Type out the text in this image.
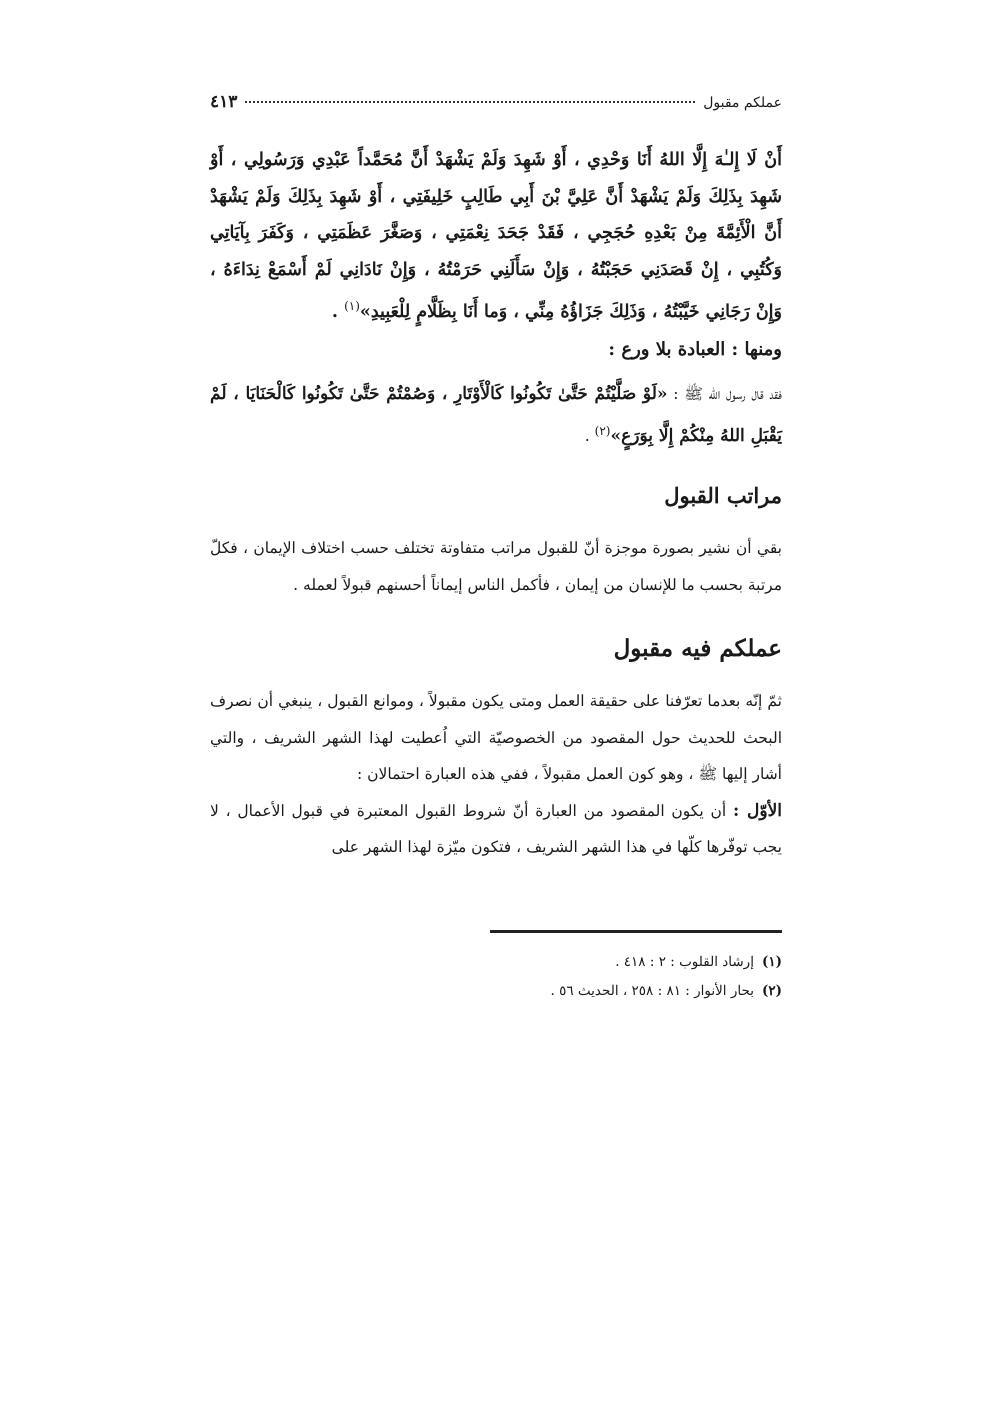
عملكم مقبول
٤١٣

أَنْ لَا إِلـٰهَ إِلَّا اللهُ أَنَا وَحْدِي ، أَوْ شَهِدَ وَلَمْ يَشْهَدْ أَنَّ مُحَمَّداً عَبْدِي وَرَسُولِي ، أَوْ شَهِدَ بِذَلِكَ وَلَمْ يَشْهَدْ أَنَّ عَلِيَّ بْنَ أَبِي طَالِبٍ خَلِيفَتِي ، أَوْ شَهِدَ بِذَلِكَ وَلَمْ يَشْهَدْ أَنَّ الْأَئِمَّةَ مِنْ بَعْدِهِ حُجَجِي ، فَقَدْ جَحَدَ نِعْمَتِي ، وَصَغَّرَ عَظَمَتِي ، وَكَفَرَ بِآيَاتِي وَكُتُبِي ، إِنْ قَصَدَنِي حَجَبْتُهُ ، وَإِنْ سَأَلَنِي حَرَمْتُهُ ، وَإِنْ نَادَانِي لَمْ أَسْمَعْ نِدَاءَهُ ، وَإِنْ رَجَانِي خَيَّبْتُهُ ، وَذَلِكَ جَزَاؤُهُ مِنِّي ، وَما أَنَا بِظَلَّامٍ لِلْعَبِيدِ»$^{(١)}$ .

ومنها : العبادة بلا ورع :

فقد قال رسول الله ﷺ : «لَوْ صَلَّيْتُمْ حَتَّىٰ تَكُونُوا كَالْأَوْتَارِ ، وَصُمْتُمْ حَتَّىٰ تَكُونُوا كَالْحَنَايَا ، لَمْ يَقْبَلِ اللهُ مِنْكُمْ إِلَّا بِوَرَعٍ»$^{(٢)}$ .

مراتب القبول

بقي أن نشير بصورة موجزة أنّ للقبول مراتب متفاوتة تختلف حسب اختلاف الإيمان ، فكلّ مرتبة بحسب ما للإنسان من إيمان ، فأكمل الناس إيماناً أحسنهم قبولاً لعمله .

عملكم فيه مقبول

ثمّ إنّه بعدما تعرّفنا على حقيقة العمل ومتى يكون مقبولاً ، وموانع القبول ، ينبغي أن نصرف البحث للحديث حول المقصود من الخصوصيّة التي اُعطيت لهذا الشهر الشريف ، والتي أشار إليها ﷺ ، وهو كون العمل مقبولاً ، ففي هذه العبارة احتمالان :

الأوّل : أن يكون المقصود من العبارة أنّ شروط القبول المعتبرة في قبول الأعمال ، لا يجب توفّرها كلّها في هذا الشهر الشريف ، فتكون ميّزة لهذا الشهر على

(١)إرشاد القلوب : ٢ : ٤١٨ .
(٢)بحار الأنوار : ٨١ : ٢٥٨ ، الحديث ٥٦ .
